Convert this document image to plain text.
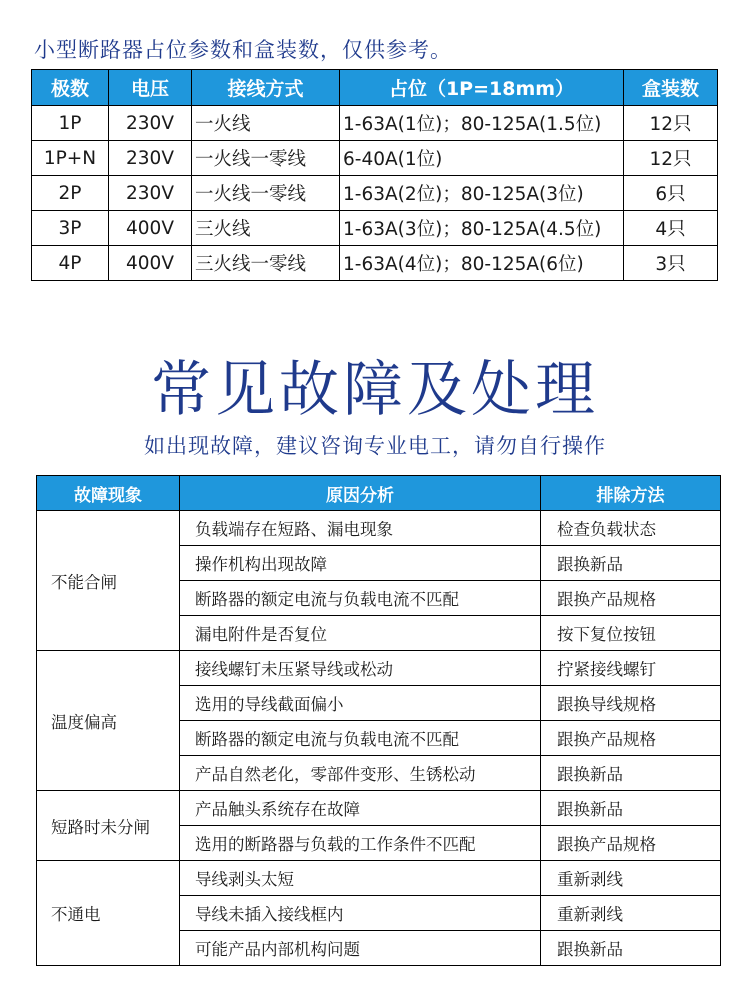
小型断路器占位参数和盒装数，仅供参考。

极数	电压	接线方式	占位（1P=18mm）	盒装数
1P	230V	一火线	1-63A(1位)；80-125A(1.5位)	12只
1P+N	230V	一火线一零线	6-40A(1位)	12只
2P	230V	一火线一零线	1-63A(2位)；80-125A(3位)	6只
3P	400V	三火线	1-63A(3位)；80-125A(4.5位)	4只
4P	400V	三火线一零线	1-63A(4位)；80-125A(6位)	3只
常见故障及处理

如出现故障，建议咨询专业电工，请勿自行操作

故障现象	原因分析	排除方法
不能合闸	负载端存在短路、漏电现象	检查负载状态
	操作机构出现故障	跟换新品
	断路器的额定电流与负载电流不匹配	跟换产品规格
	漏电附件是否复位	按下复位按钮
温度偏高	接线螺钉未压紧导线或松动	拧紧接线螺钉
	选用的导线截面偏小	跟换导线规格
	断路器的额定电流与负载电流不匹配	跟换产品规格
	产品自然老化，零部件变形、生锈松动	跟换新品
短路时未分闸	产品触头系统存在故障	跟换新品
	选用的断路器与负载的工作条件不匹配	跟换产品规格
不通电	导线剥头太短	重新剥线
	导线未插入接线框内	重新剥线
	可能产品内部机构问题	跟换新品
